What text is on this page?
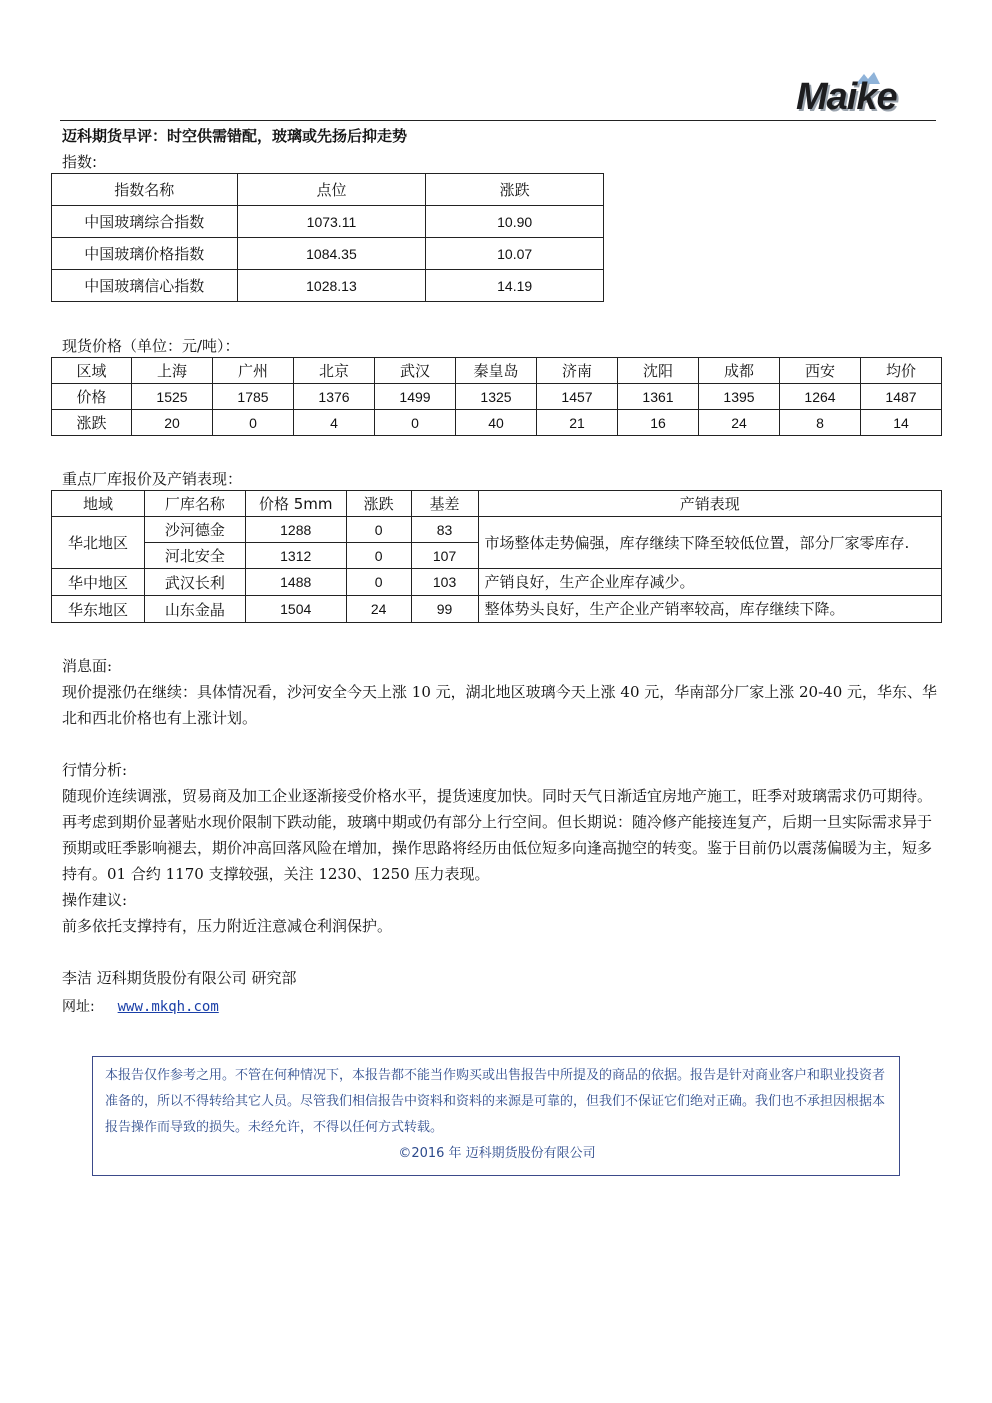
Maike
迈科期货早评：时空供需错配，玻璃或先扬后抑走势
指数:
指数名称	点位	涨跌
中国玻璃综合指数	1073.11	10.90
中国玻璃价格指数	1084.35	10.07
中国玻璃信心指数	1028.13	14.19
现货价格（单位：元/吨）：
区域	上海	广州	北京	武汉	秦皇岛	济南	沈阳	成都	西安	均价
价格	1525	1785	1376	1499	1325	1457	1361	1395	1264	1487
涨跌	20	0	4	0	40	21	16	24	8	14
重点厂库报价及产销表现：
地域	厂库名称	价格 5mm	涨跌	基差	产销表现
华北地区	沙河德金	1288	0	83	市场整体走势偏强，库存继续下降至较低位置，部分厂家零库存.
	河北安全	1312	0	107	
华中地区	武汉长利	1488	0	103	产销良好，生产企业库存减少。
华东地区	山东金晶	1504	24	99	整体势头良好，生产企业产销率较高，库存继续下降。

消息面:

现价提涨仍在继续：具体情况看，沙河安全今天上涨 10 元，湖北地区玻璃今天上涨 40 元，华南部分厂家上涨 20-40 元，华东、华北和西北价格也有上涨计划。

行情分析:

随现价连续调涨，贸易商及加工企业逐渐接受价格水平，提货速度加快。同时天气日渐适宜房地产施工，旺季对玻璃需求仍可期待。再考虑到期价显著贴水现价限制下跌动能，玻璃中期或仍有部分上行空间。但长期说：随冷修产能接连复产，后期一旦实际需求异于预期或旺季影响褪去，期价冲高回落风险在增加，操作思路将经历由低位短多向逢高抛空的转变。鉴于目前仍以震荡偏暖为主，短多持有。01 合约 1170 支撑较强，关注 1230、1250 压力表现。

操作建议:

前多依托支撑持有，压力附近注意减仓利润保护。

李洁 迈科期货股份有限公司 研究部
网址: www.mkqh.com
本报告仅作参考之用。不管在何种情况下，本报告都不能当作购买或出售报告中所提及的商品的依据。报告是针对商业客户和职业投资者准备的，所以不得转给其它人员。尽管我们相信报告中资料和资料的来源是可靠的，但我们不保证它们绝对正确。我们也不承担因根据本报告操作而导致的损失。未经允许，不得以任何方式转载。
©2016 年 迈科期货股份有限公司
